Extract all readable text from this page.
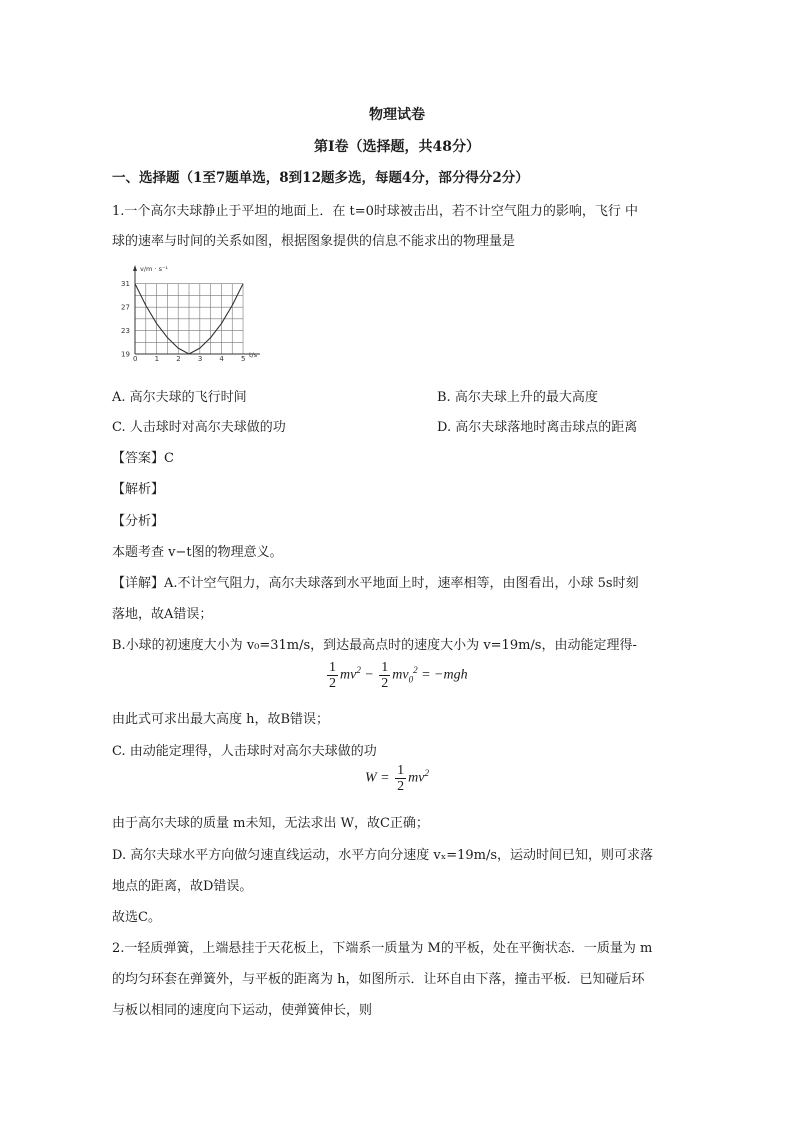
物理试卷
第Ⅰ卷（选择题，共48分）
一、选择题（1至7题单选，8到12题多选，每题4分，部分得分2分）
1.一个高尔夫球静止于平坦的地面上．在 t=0时球被击出，若不计空气阻力的影响，飞行 中
球的速率与时间的关系如图，根据图象提供的信息不能求出的物理量是
v/m · s⁻¹
t/s
0 1 2 3 4 5
19
23
27
31
A. 高尔夫球的飞行时间	B. 高尔夫球上升的最大高度
C. 人击球时对高尔夫球做的功	D. 高尔夫球落地时离击球点的距离
【答案】C
【解析】
【分析】
本题考查 v−t图的物理意义。
【详解】A.不计空气阻力，高尔夫球落到水平地面上时，速率相等，由图看出，小球 5s时刻
落地，故A错误；
B.小球的初速度大小为 v₀=31m/s，到达最高点时的速度大小为 v=19m/s，由动能定理得-
$\frac{1}{2} mv^2 - \frac{1}{2} mv_0^2 = -mgh$
由此式可求出最大高度 h，故B错误；
C. 由动能定理得，人击球时对高尔夫球做的功
$W = \frac{1}{2} mv^2$
由于高尔夫球的质量 m未知，无法求出 W，故C正确；
D. 高尔夫球水平方向做匀速直线运动，水平方向分速度 vₓ=19m/s，运动时间已知，则可求落
地点的距离，故D错误。
故选C。
2.一轻质弹簧，上端悬挂于天花板上，下端系一质量为 M的平板，处在平衡状态．一质量为 m
的均匀环套在弹簧外，与平板的距离为 h，如图所示．让环自由下落，撞击平板．已知碰后环
与板以相同的速度向下运动，使弹簧伸长，则
